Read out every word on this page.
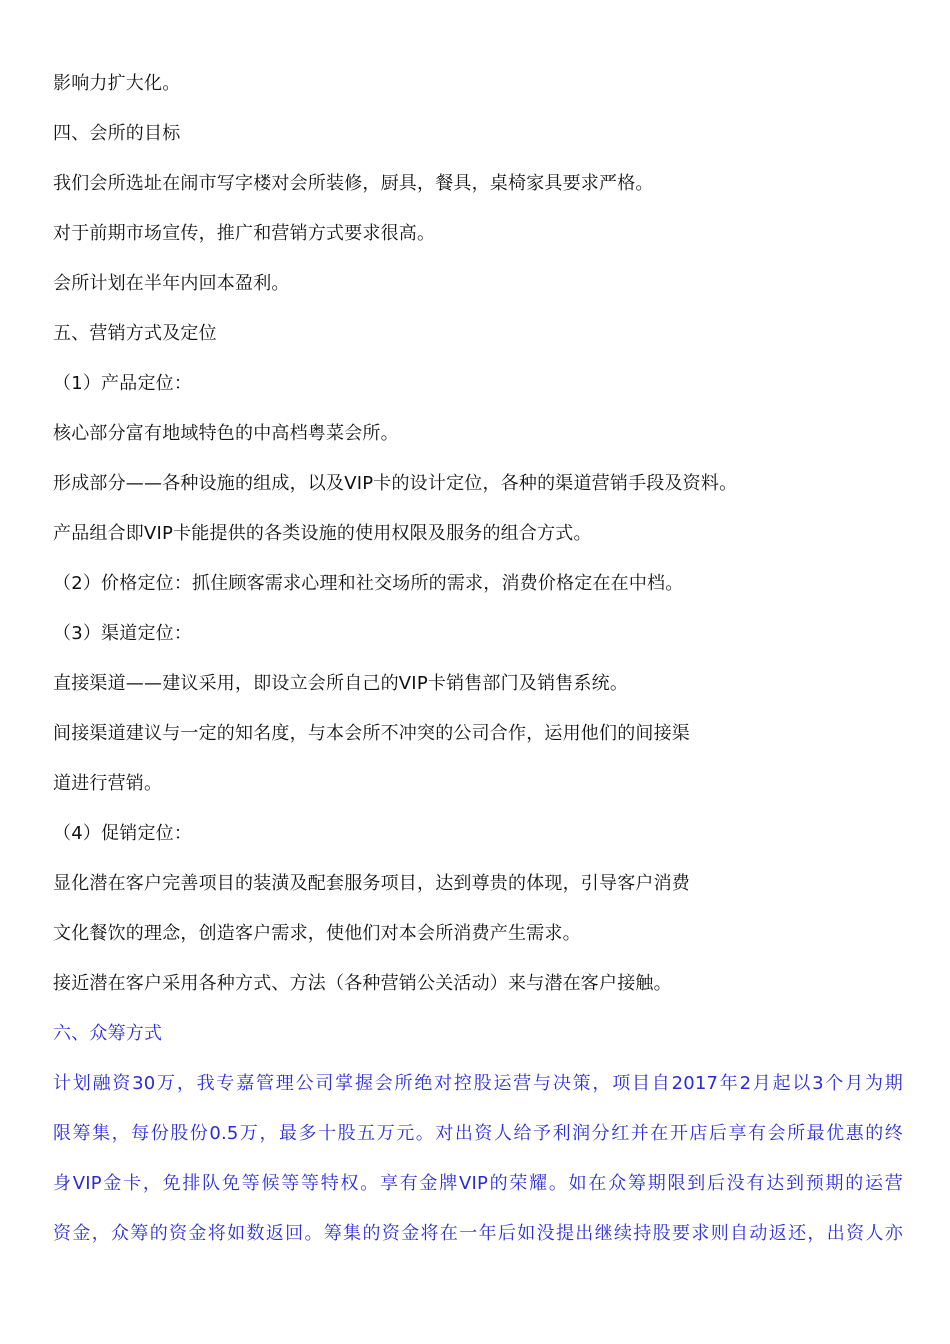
影响力扩大化。
四、会所的目标
我们会所选址在闹市写字楼对会所装修，厨具，餐具，桌椅家具要求严格。
对于前期市场宣传，推广和营销方式要求很高。
会所计划在半年内回本盈利。
五、营销方式及定位
（1）产品定位：
核心部分富有地域特色的中高档粤菜会所。
形成部分——各种设施的组成，以及VIP卡的设计定位，各种的渠道营销手段及资料。
产品组合即VIP卡能提供的各类设施的使用权限及服务的组合方式。
（2）价格定位：抓住顾客需求心理和社交场所的需求，消费价格定在在中档。
（3）渠道定位：
直接渠道——建议采用，即设立会所自己的VIP卡销售部门及销售系统。
间接渠道建议与一定的知名度，与本会所不冲突的公司合作，运用他们的间接渠
道进行营销。
（4）促销定位：
显化潜在客户完善项目的装潢及配套服务项目，达到尊贵的体现，引导客户消费
文化餐饮的理念，创造客户需求，使他们对本会所消费产生需求。
接近潜在客户采用各种方式、方法（各种营销公关活动）来与潜在客户接触。
六、众筹方式
计划融资30万，我专嘉管理公司掌握会所绝对控股运营与决策，项目自2017年2月起以3个月为期
限筹集，每份股份0.5万，最多十股五万元。对出资人给予利润分红并在开店后享有会所最优惠的终
身VIP金卡，免排队免等候等等特权。享有金牌VIP的荣耀。如在众筹期限到后没有达到预期的运营
资金，众筹的资金将如数返回。筹集的资金将在一年后如没提出继续持股要求则自动返还，出资人亦
